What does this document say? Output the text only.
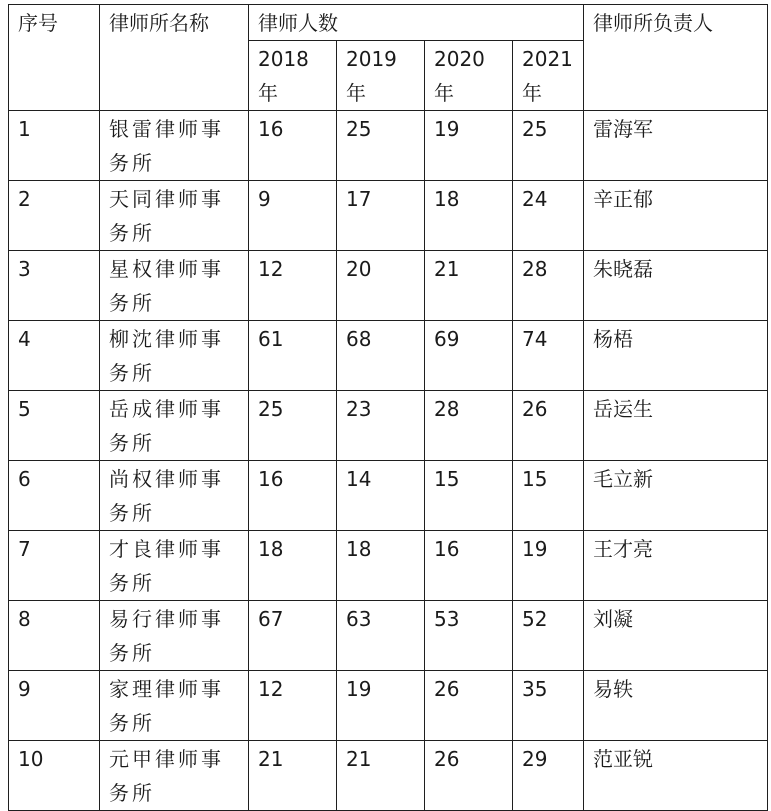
序号	律师所名称	律师人数				律师所负责人
		2018年	2019年	2020年	2021年	
1	银雷律师事务所	16	25	19	25	雷海军
2	天同律师事务所	9	17	18	24	辛正郁
3	星权律师事务所	12	20	21	28	朱晓磊
4	柳沈律师事务所	61	68	69	74	杨梧
5	岳成律师事务所	25	23	28	26	岳运生
6	尚权律师事务所	16	14	15	15	毛立新
7	才良律师事务所	18	18	16	19	王才亮
8	易行律师事务所	67	63	53	52	刘凝
9	家理律师事务所	12	19	26	35	易轶
10	元甲律师事务所	21	21	26	29	范亚锐
